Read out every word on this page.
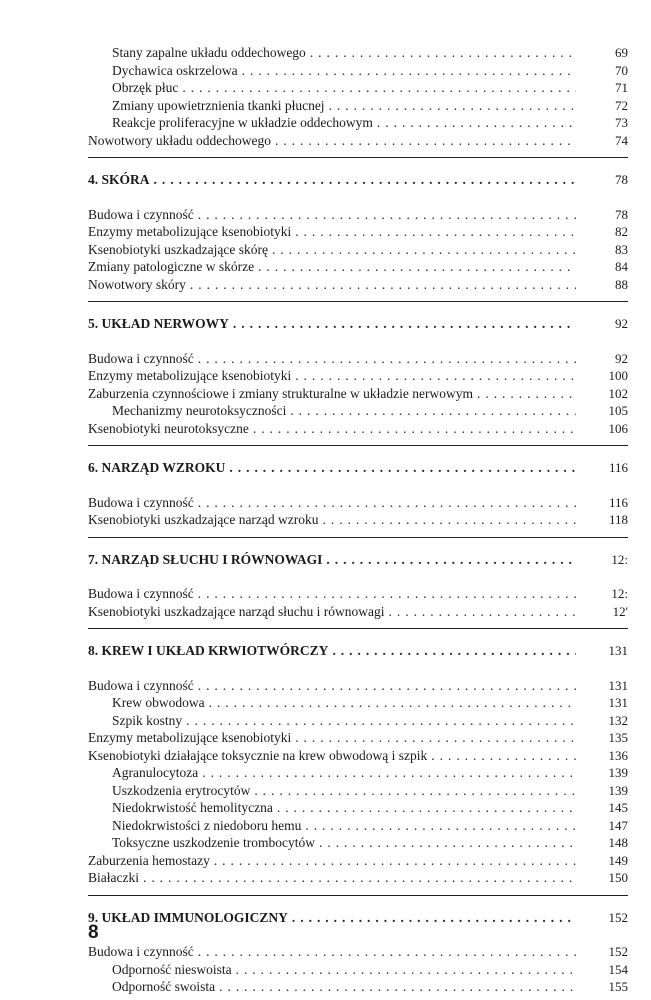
Stany zapalne układu oddechowego . . .	69
Dychawica oskrzelowa . . .	70
Obrzęk płuc . . .	71
Zmiany upowietrznienia tkanki płucnej . . .	72
Reakcje proliferacyjne w układzie oddechowym . . .	73
Nowotwory układu oddechowego . . .	74
4. SKÓRA . . .	78
Budowa i czynność . . .	78
Enzymy metabolizujące ksenobiotyki . . .	82
Ksenobiotyki uszkadzające skórę . . .	83
Zmiany patologiczne w skórze . . .	84
Nowotwory skóry . . .	88
5. UKŁAD NERWOWY . . .	92
Budowa i czynność . . .	92
Enzymy metabolizujące ksenobiotyki . . .	100
Zaburzenia czynnościowe i zmiany strukturalne w układzie nerwowym . . .	102
Mechanizmy neurotoksyczności . . .	105
Ksenobiotyki neurotoksyczne . . .	106
6. NARZĄD WZROKU . . .	116
Budowa i czynność . . .	116
Ksenobiotyki uszkadzające narząd wzroku . . .	118
7. NARZĄD SŁUCHU I RÓWNOWAGI . . .	12:
Budowa i czynność . . .	12:
Ksenobiotyki uszkadzające narząd słuchu i równowagi . . .	12'
8. KREW I UKŁAD KRWIOTWÓRCZY . . .	131
Budowa i czynność . . .	131
Krew obwodowa . . .	131
Szpik kostny . . .	132
Enzymy metabolizujące ksenobiotyki . . .	135
Ksenobiotyki działające toksycznie na krew obwodową i szpik . . .	136
Agranulocytoza . . .	139
Uszkodzenia erytrocytów . . .	139
Niedokrwistość hemolityczna . . .	145
Niedokrwistości z niedoboru hemu . . .	147
Toksyczne uszkodzenie trombocytów . . .	148
Zaburzenia hemostazy . . .	149
Białaczki . . .	150
9. UKŁAD IMMUNOLOGICZNY . . .	152
Budowa i czynność . . .	152
Odporność nieswoista . . .	154
Odporność swoista . . .	155
8
